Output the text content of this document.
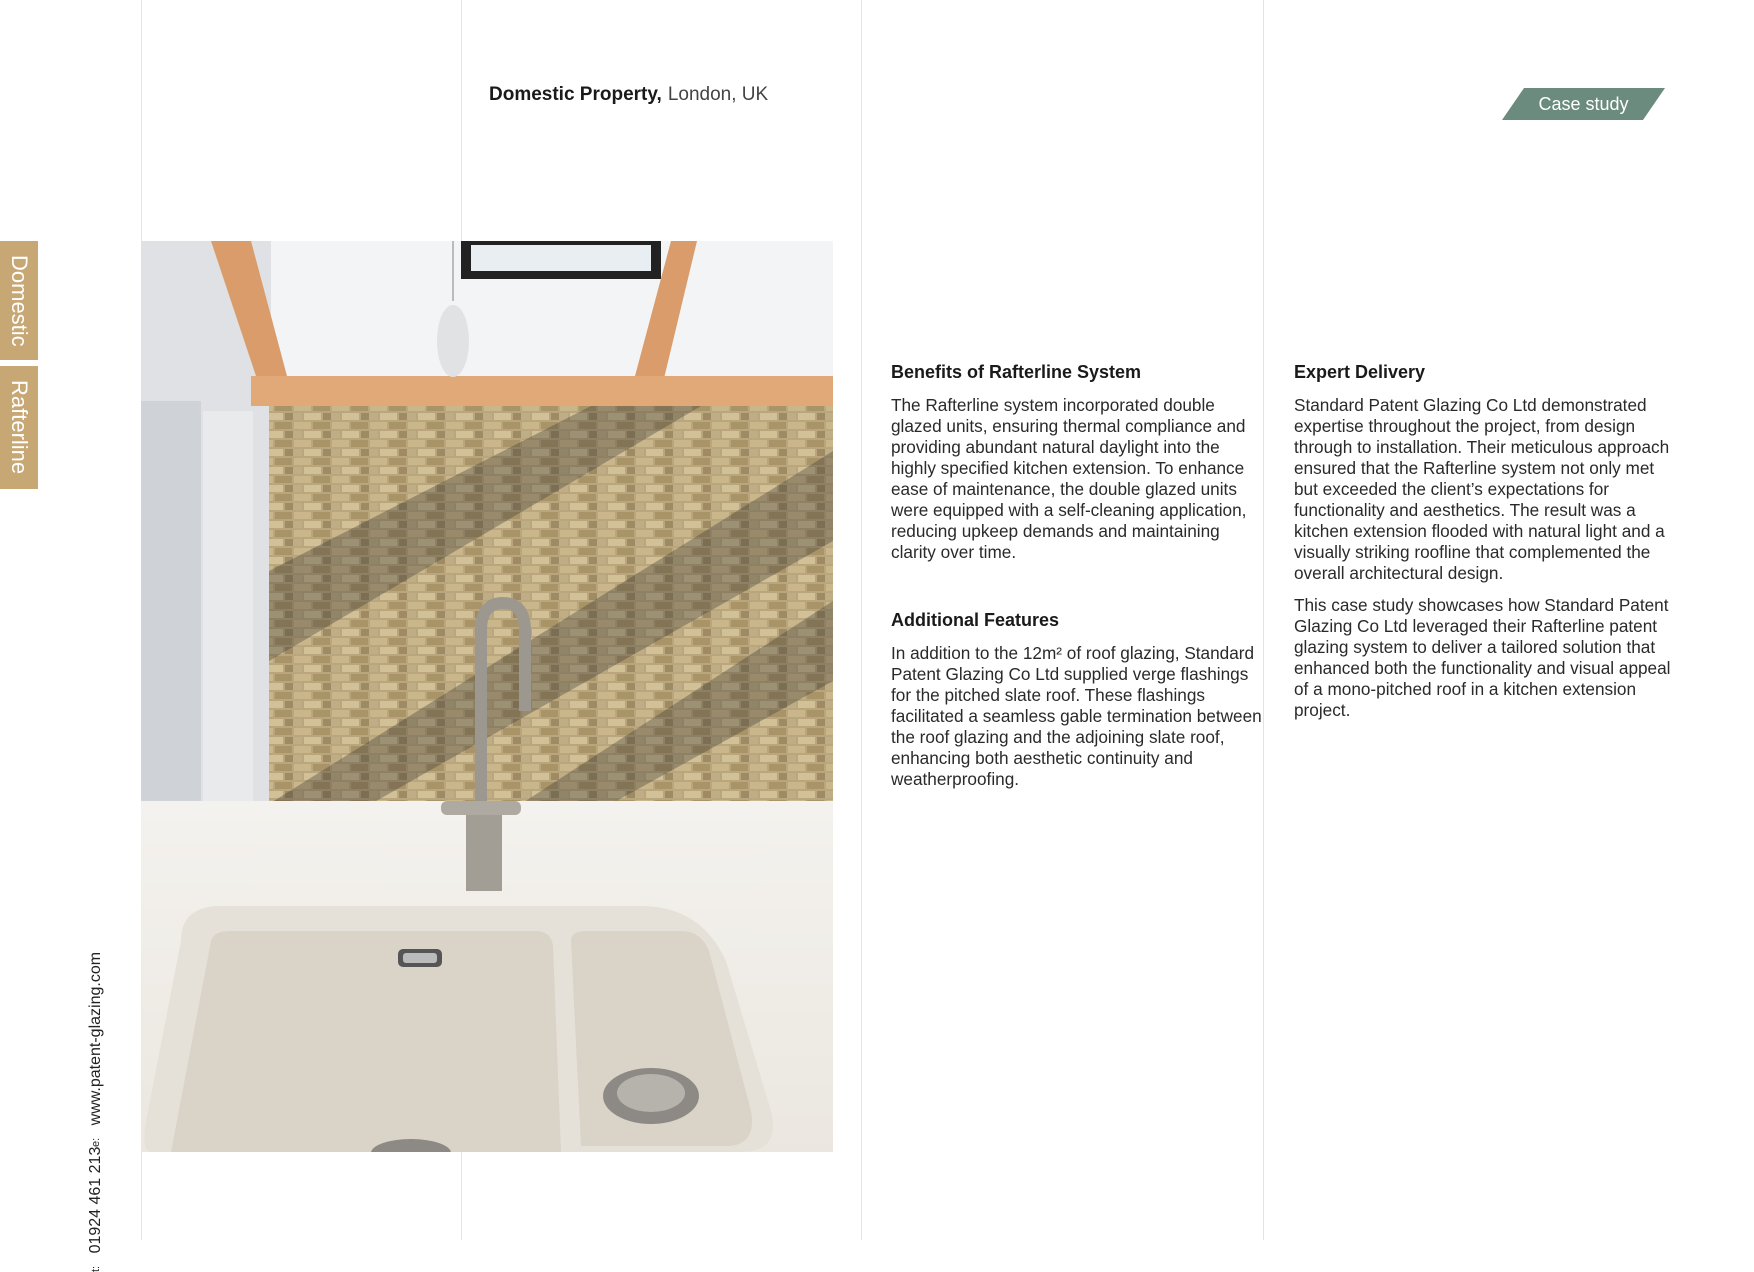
Domestic
Rafterline
t: 01924 461 213
e: www.patent-glazing.com
Domestic Property, London, UK	Case study
Benefits of Rafterline System

The Rafterline system incorporated double glazed units, ensuring thermal compliance and providing abundant natural daylight into the highly specified kitchen extension. To enhance ease of maintenance, the double glazed units were equipped with a self-cleaning application, reducing upkeep demands and maintaining clarity over time.

Additional Features

In addition to the 12m² of roof glazing, Standard Patent Glazing Co Ltd supplied verge flashings for the pitched slate roof. These flashings facilitated a seamless gable termination between the roof glazing and the adjoining slate roof, enhancing both aesthetic continuity and weatherproofing.

Expert Delivery

Standard Patent Glazing Co Ltd demonstrated expertise throughout the project, from design through to installation. Their meticulous approach ensured that the Rafterline system not only met but exceeded the client’s expectations for functionality and aesthetics. The result was a kitchen extension flooded with natural light and a visually striking roofline that complemented the overall architectural design.

This case study showcases how Standard Patent Glazing Co Ltd leveraged their Rafterline patent glazing system to deliver a tailored solution that enhanced both the functionality and visual appeal of a mono-pitched roof in a kitchen extension project.
